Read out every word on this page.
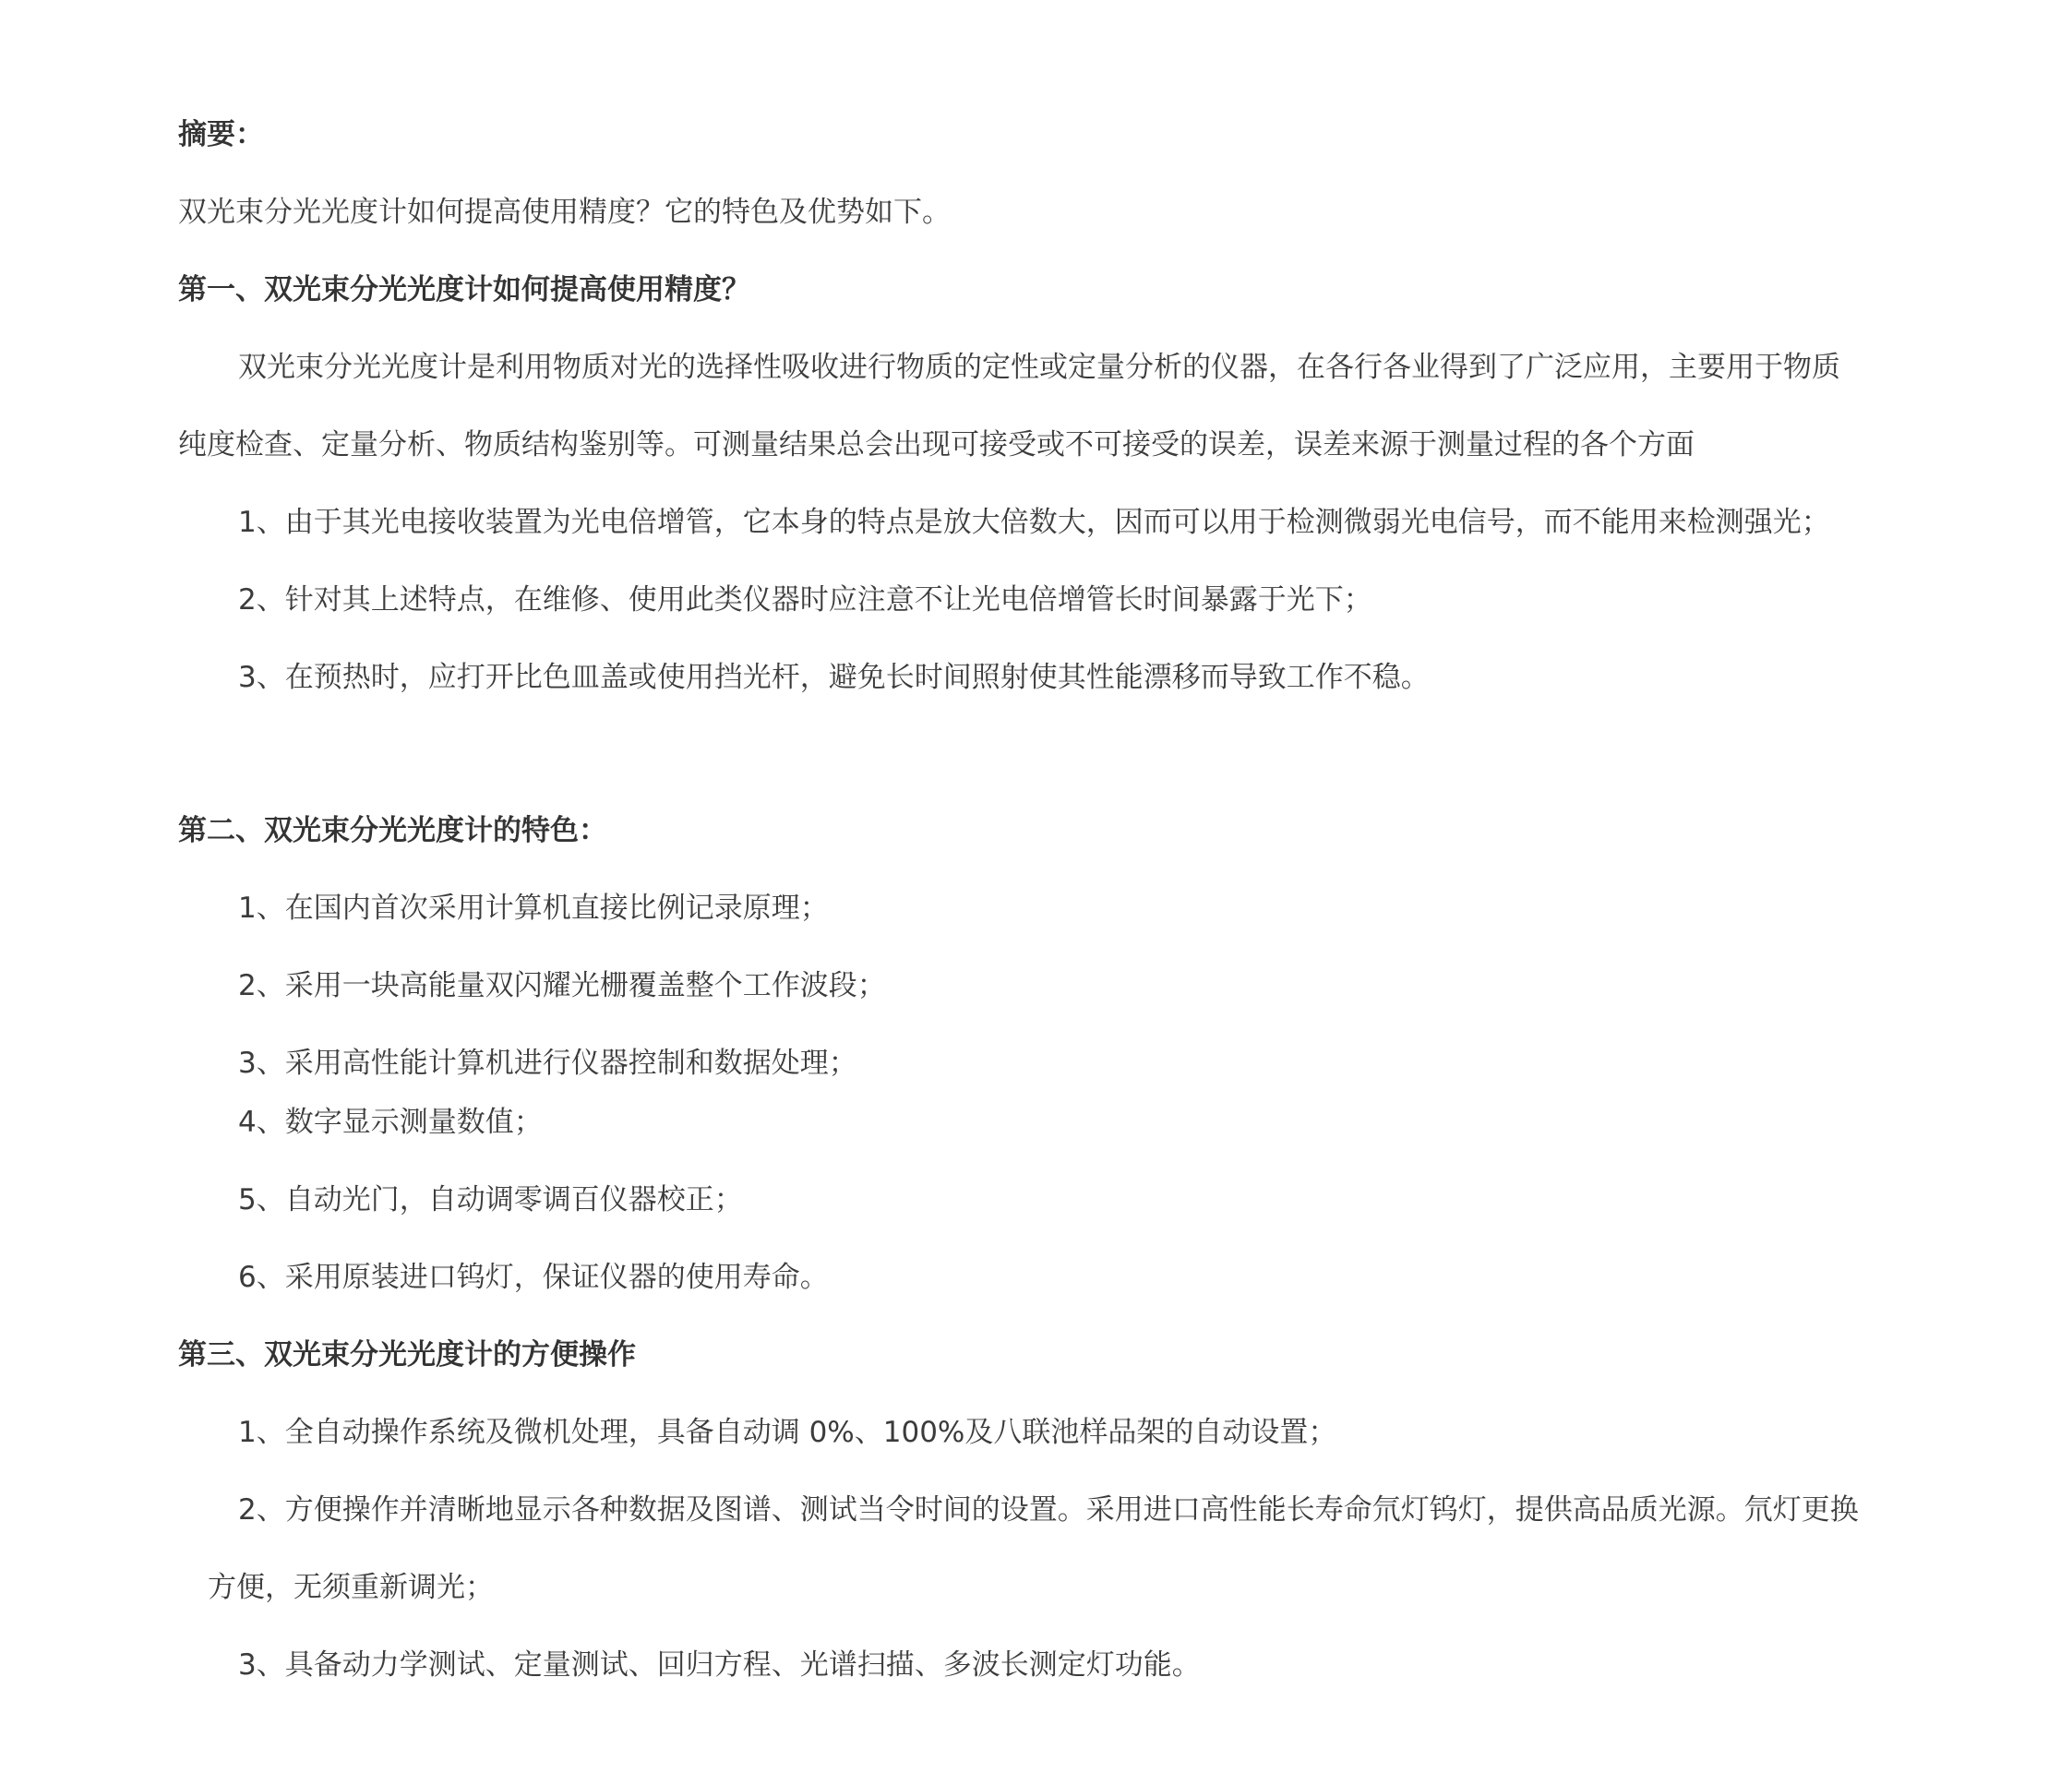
摘要：
双光束分光光度计如何提高使用精度？它的特色及优势如下。
第一、双光束分光光度计如何提高使用精度？
双光束分光光度计是利用物质对光的选择性吸收进行物质的定性或定量分析的仪器，在各行各业得到了广泛应用，主要用于物质
纯度检查、定量分析、物质结构鉴别等。可测量结果总会出现可接受或不可接受的误差，误差来源于测量过程的各个方面
1、由于其光电接收装置为光电倍增管，它本身的特点是放大倍数大，因而可以用于检测微弱光电信号，而不能用来检测强光；
2、针对其上述特点，在维修、使用此类仪器时应注意不让光电倍增管长时间暴露于光下；
3、在预热时，应打开比色皿盖或使用挡光杆，避免长时间照射使其性能漂移而导致工作不稳。
第二、双光束分光光度计的特色：
1、在国内首次采用计算机直接比例记录原理；
2、采用一块高能量双闪耀光栅覆盖整个工作波段；
3、采用高性能计算机进行仪器控制和数据处理；
4、数字显示测量数值；
5、自动光门，自动调零调百仪器校正；
6、采用原装进口钨灯，保证仪器的使用寿命。
第三、双光束分光光度计的方便操作
1、全自动操作系统及微机处理，具备自动调 0%、100%及八联池样品架的自动设置；
2、方便操作并清晰地显示各种数据及图谱、测试当令时间的设置。采用进口高性能长寿命氘灯钨灯，提供高品质光源。氘灯更换
方便，无须重新调光；
3、具备动力学测试、定量测试、回归方程、光谱扫描、多波长测定灯功能。
